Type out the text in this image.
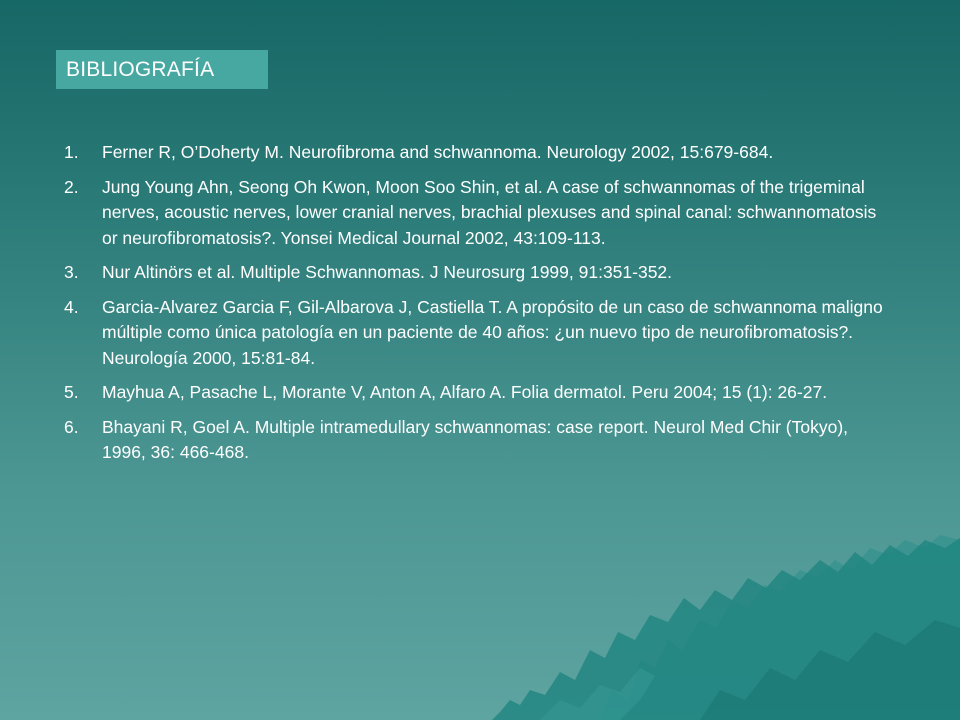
BIBLIOGRAFÍA
1.	Ferner R, O’Doherty M. Neurofibroma and schwannoma. Neurology 2002, 15:679-684.
2.	Jung Young Ahn, Seong Oh Kwon, Moon Soo Shin, et al. A case of schwannomas of the trigeminal nerves, acoustic nerves, lower cranial nerves, brachial plexuses and spinal canal: schwannomatosis or neurofibromatosis?. Yonsei Medical Journal 2002, 43:109-113.
3.	Nur Altinörs et al. Multiple Schwannomas. J Neurosurg 1999, 91:351-352.
4.	Garcia-Alvarez Garcia F, Gil-Albarova J, Castiella T. A propósito de un caso de schwannoma maligno múltiple como única patología en un paciente de 40 años: ¿un nuevo tipo de neurofibromatosis?. Neurología 2000, 15:81-84.
5.	Mayhua A, Pasache L, Morante V, Anton A, Alfaro A. Folia dermatol. Peru 2004; 15 (1): 26-27.
6.	Bhayani R, Goel A. Multiple intramedullary schwannomas: case report. Neurol Med Chir (Tokyo), 1996, 36: 466-468.
